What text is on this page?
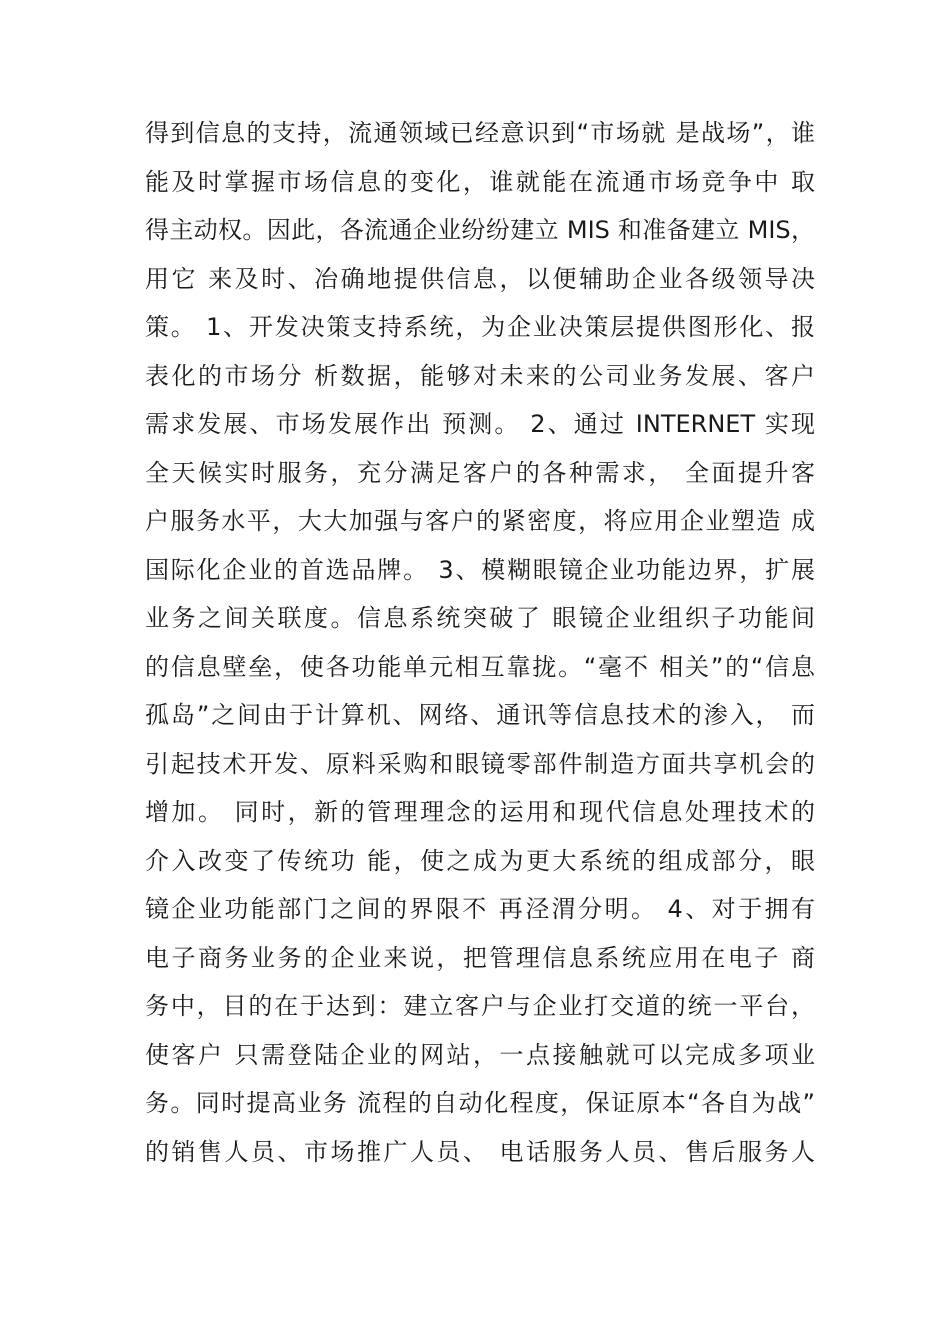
得到信息的支持，流通领域已经意识到“市场就 是战场”，谁
能及时掌握市场信息的变化，谁就能在流通市场竞争中 取
得主动权。因此，各流通企业纷纷建立 MIS 和准备建立 MIS，
用它 来及时、冶确地提供信息，以便辅助企业各级领导决
策。 1、开发决策支持系统，为企业决策层提供图形化、报
表化的市场分 析数据，能够对未来的公司业务发展、客户
需求发展、市场发展作出 预测。 2、通过 INTERNET 实现
全天候实时服务，充分满足客户的各种需求， 全面提升客
户服务水平，大大加强与客户的紧密度，将应用企业塑造 成
国际化企业的首选品牌。 3、模糊眼镜企业功能边界，扩展
业务之间关联度。信息系统突破了 眼镜企业组织子功能间
的信息壁垒，使各功能单元相互靠拢。“毫不 相关”的“信息
孤岛”之间由于计算机、网络、通讯等信息技术的渗入， 而
引起技术开发、原料采购和眼镜零部件制造方面共享机会的
增加。 同时，新的管理理念的运用和现代信息处理技术的
介入改变了传统功 能，使之成为更大系统的组成部分，眼
镜企业功能部门之间的界限不 再泾渭分明。 4、对于拥有
电子商务业务的企业来说，把管理信息系统应用在电子 商
务中，目的在于达到：建立客户与企业打交道的统一平台，
使客户 只需登陆企业的网站，一点接触就可以完成多项业
务。同时提高业务 流程的自动化程度，保证原本“各自为战”
的销售人员、市场推广人员、 电话服务人员、售后服务人
